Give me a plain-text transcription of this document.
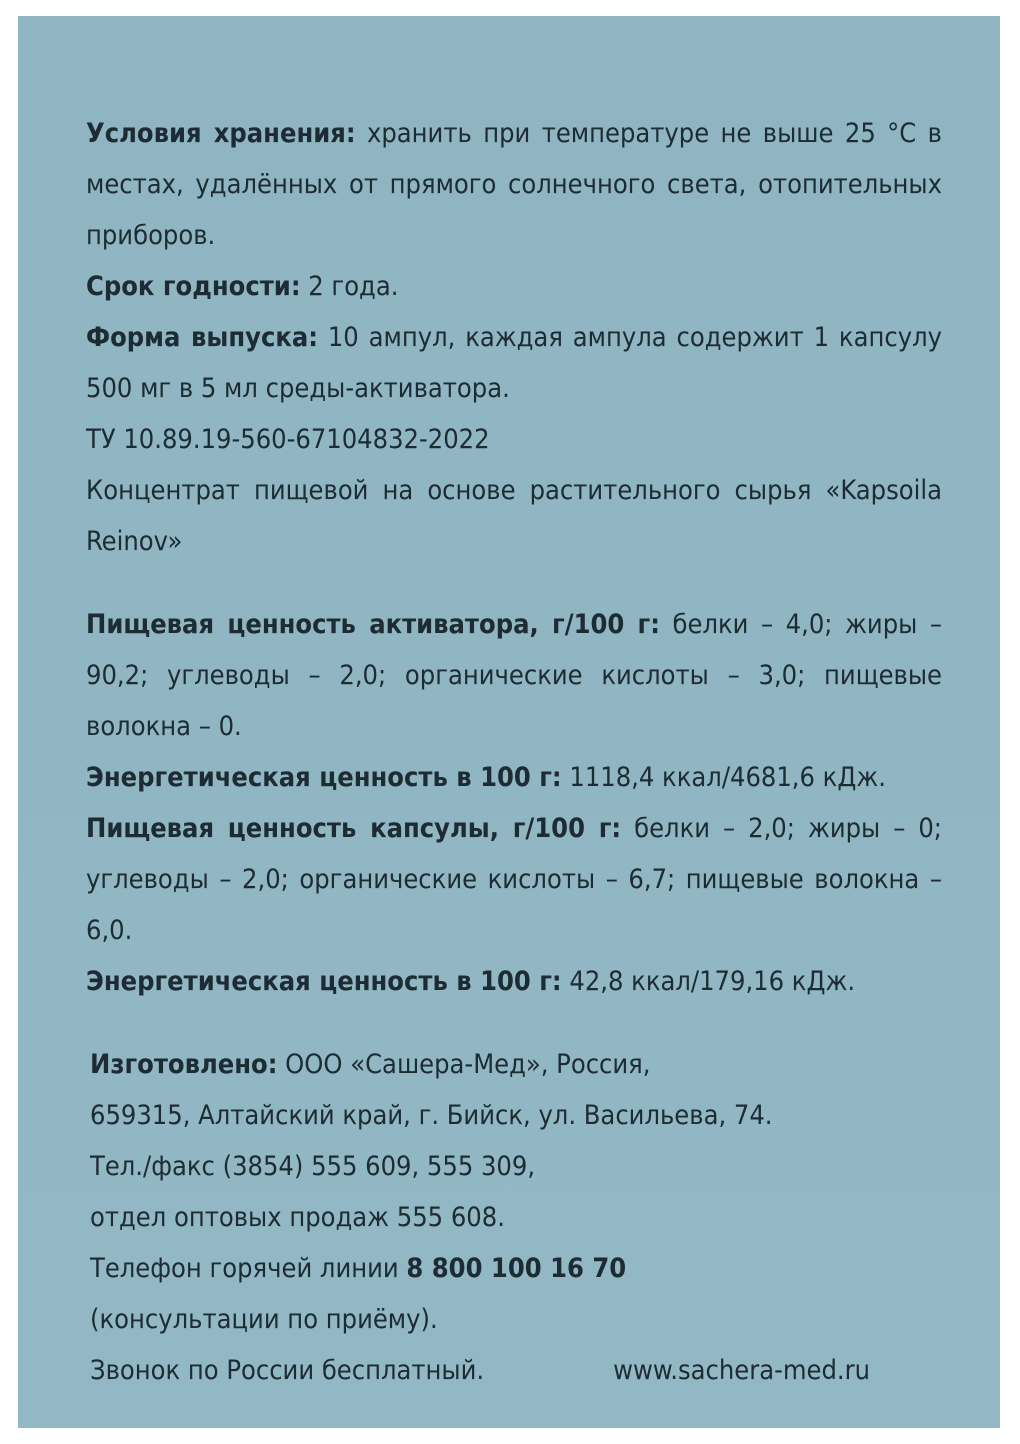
Условия хранения: хранить при температуре не выше 25 °С в местах, удалённых от прямого солнечного света, отопительных приборов.

Срок годности: 2 года.

Форма выпуска: 10 ампул, каждая ампула содержит 1 капсулу 500 мг в 5 мл среды-активатора.

ТУ 10.89.19-560-67104832-2022

Концентрат пищевой на основе растительного сырья «Kapsoila Reinov»

Пищевая ценность активатора, г/100 г: белки – 4,0; жиры – 90,2; углеводы – 2,0; органические кислоты – 3,0; пищевые волокна – 0.

Энергетическая ценность в 100 г: 1118,4 ккал/4681,6 кДж.

Пищевая ценность капсулы, г/100 г: белки – 2,0; жиры – 0; углеводы – 2,0; органические кислоты – 6,7; пищевые волокна – 6,0.

Энергетическая ценность в 100 г: 42,8 ккал/179,16 кДж.

Изготовлено: ООО «Сашера-Мед», Россия,
659315, Алтайский край, г. Бийск, ул. Васильева, 74.
Тел./факс (3854) 555 609, 555 309,
отдел оптовых продаж 555 608.
Телефон горячей линии 8 800 100 16 70
(консультации по приёму).
Звонок по России бесплатный.	www.sachera-med.ru
